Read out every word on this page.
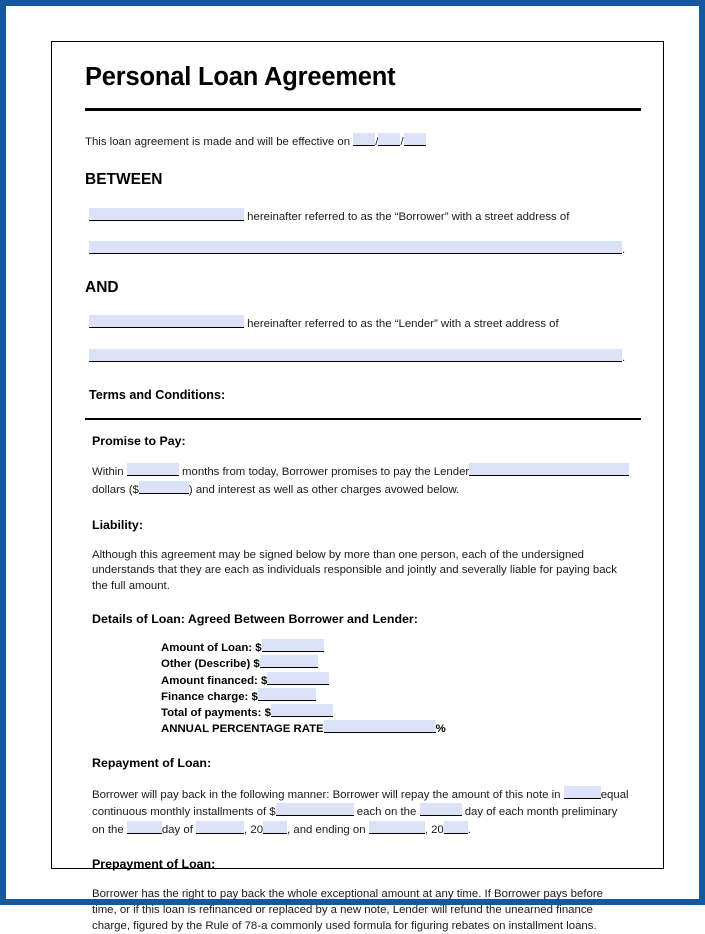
Personal Loan Agreement

This loan agreement is made and will be effective on / /

BETWEEN

hereinafter referred to as the “Borrower” with a street address of

.

AND

hereinafter referred to as the “Lender” with a street address of

.

Terms and Conditions:
Promise to Pay:

Within	months from today, Borrower promises to pay the Lender
dollars ($	) and interest as well as other charges avowed below.

Liability:

Although this agreement may be signed below by more than one person, each of the undersigned understands that they are each as individuals responsible and jointly and severally liable for paying back the full amount.

Details of Loan: Agreed Between Borrower and Lender:
Amount of Loan: $
Other (Describe) $
Amount financed: $
Finance charge: $
Total of payments: $
ANNUAL PERCENTAGE RATE	%
Repayment of Loan:

Borrower will pay back in the following manner: Borrower will repay the amount of this note in	equal continuous monthly installments of $	each on the	day of each month preliminary on the	day of	, 20 , and ending on	, 20 .

Prepayment of Loan:

Borrower has the right to pay back the whole exceptional amount at any time. If Borrower pays before time, or if this loan is refinanced or replaced by a new note, Lender will refund the unearned finance charge, figured by the Rule of 78-a commonly used formula for figuring rebates on installment loans.
